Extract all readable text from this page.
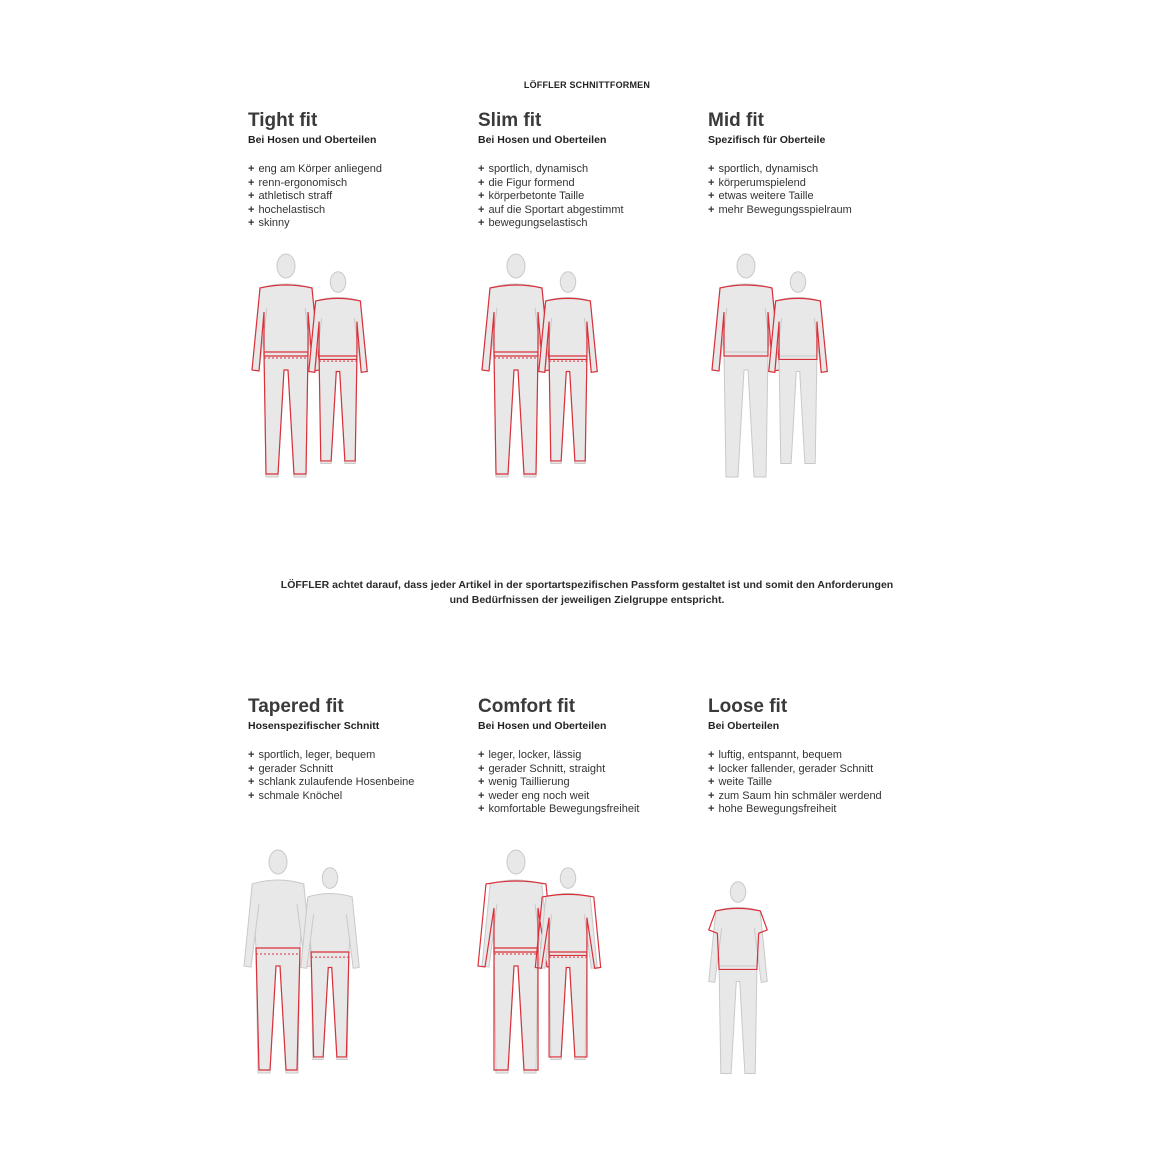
LÖFFLER SCHNITTFORMEN
Tight fit
Bei Hosen und Oberteilen
+ eng am Körper anliegend
+ renn-ergonomisch
+ athletisch straff
+ hochelastisch
+ skinny
Slim fit
Bei Hosen und Oberteilen
+ sportlich, dynamisch
+ die Figur formend
+ körperbetonte Taille
+ auf die Sportart abgestimmt
+ bewegungselastisch
Mid fit
Spezifisch für Oberteile
+ sportlich, dynamisch
+ körperumspielend
+ etwas weitere Taille
+ mehr Bewegungsspielraum
Tapered fit
Hosenspezifischer Schnitt
+ sportlich, leger, bequem
+ gerader Schnitt
+ schlank zulaufende Hosenbeine
+ schmale Knöchel
Comfort fit
Bei Hosen und Oberteilen
+ leger, locker, lässig
+ gerader Schnitt, straight
+ wenig Taillierung
+ weder eng noch weit
+ komfortable Bewegungsfreiheit
Loose fit
Bei Oberteilen
+ luftig, entspannt, bequem
+ locker fallender, gerader Schnitt
+ weite Taille
+ zum Saum hin schmäler werdend
+ hohe Bewegungsfreiheit
LÖFFLER achtet darauf, dass jeder Artikel in der sportartspezifischen Passform gestaltet ist und somit den Anforderungen
und Bedürfnissen der jeweiligen Zielgruppe entspricht.
